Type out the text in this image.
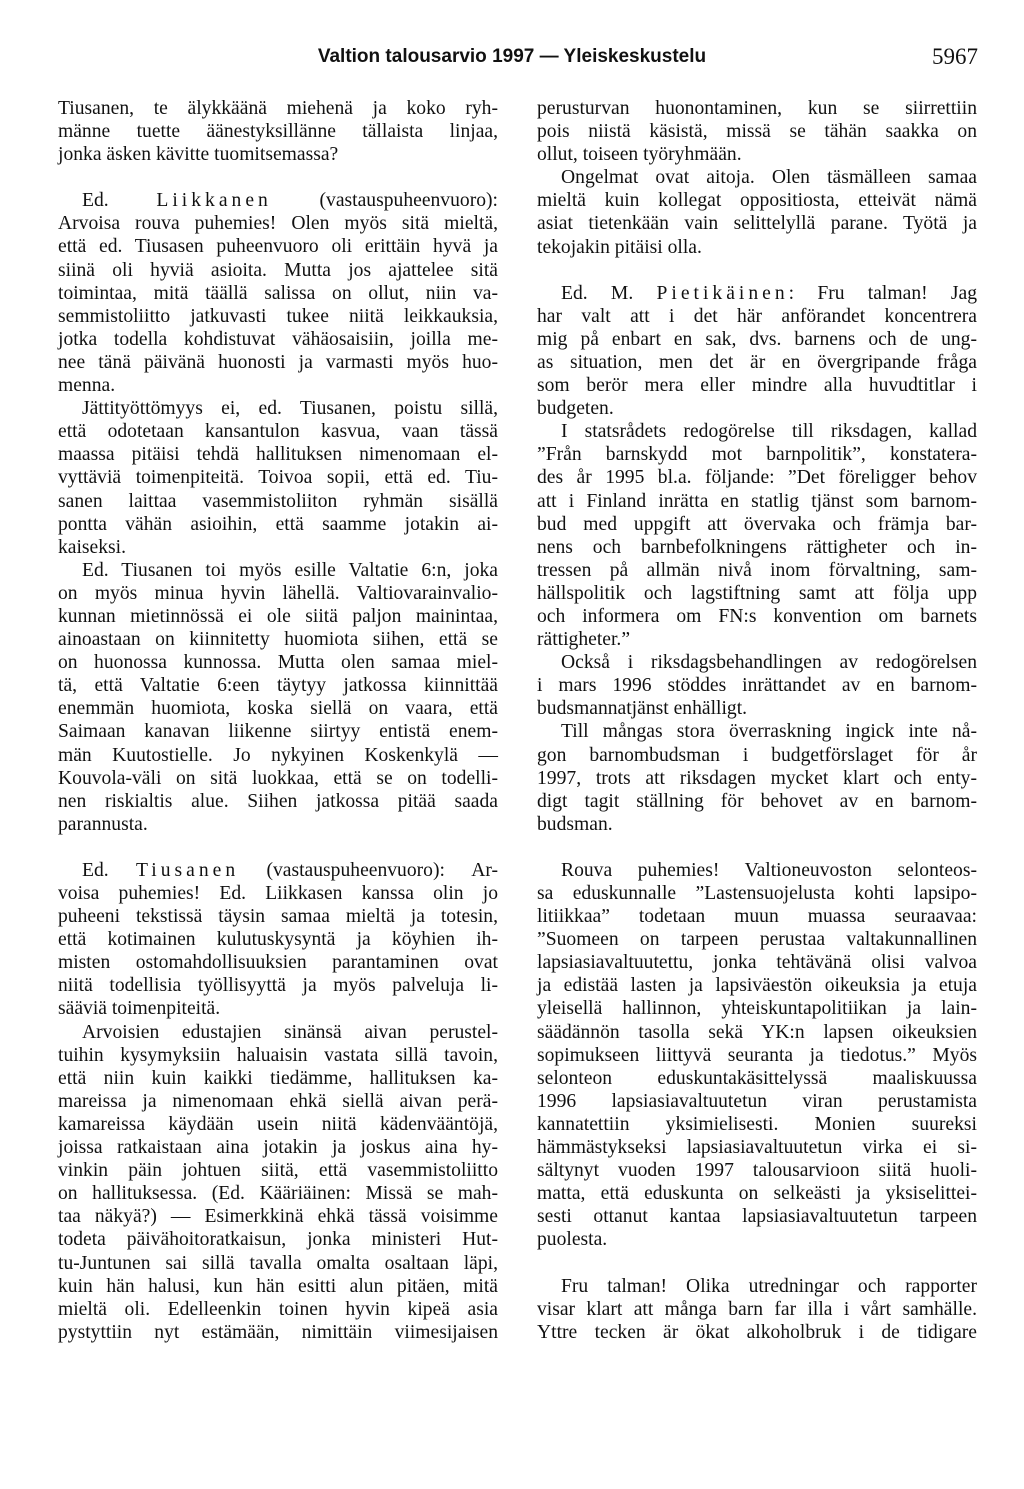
Valtion talousarvio 1997 — Yleiskeskustelu	5967

Tiusanen, te älykkäänä miehenä ja koko ryh-

männe tuette äänestyksillänne tällaista linjaa,

jonka äsken kävitte tuomitsemassa?

Ed. Liikkanen (vastauspuheenvuoro):

Arvoisa rouva puhemies! Olen myös sitä mieltä,

että ed. Tiusasen puheenvuoro oli erittäin hyvä ja

siinä oli hyviä asioita. Mutta jos ajattelee sitä

toimintaa, mitä täällä salissa on ollut, niin va-

semmistoliitto jatkuvasti tukee niitä leikkauksia,

jotka todella kohdistuvat vähäosaisiin, joilla me-

nee tänä päivänä huonosti ja varmasti myös huo-

menna.

Jättityöttömyys ei, ed. Tiusanen, poistu sillä,

että odotetaan kansantulon kasvua, vaan tässä

maassa pitäisi tehdä hallituksen nimenomaan el-

vyttäviä toimenpiteitä. Toivoa sopii, että ed. Tiu-

sanen laittaa vasemmistoliiton ryhmän sisällä

pontta vähän asioihin, että saamme jotakin ai-

kaiseksi.

Ed. Tiusanen toi myös esille Valtatie 6:n, joka

on myös minua hyvin lähellä. Valtiovarainvalio-

kunnan mietinnössä ei ole siitä paljon mainintaa,

ainoastaan on kiinnitetty huomiota siihen, että se

on huonossa kunnossa. Mutta olen samaa miel-

tä, että Valtatie 6:een täytyy jatkossa kiinnittää

enemmän huomiota, koska siellä on vaara, että

Saimaan kanavan liikenne siirtyy entistä enem-

män Kuutostielle. Jo nykyinen Koskenkylä —

Kouvola-väli on sitä luokkaa, että se on todelli-

nen riskialtis alue. Siihen jatkossa pitää saada

parannusta.

Ed. Tiusanen (vastauspuheenvuoro): Ar-

voisa puhemies! Ed. Liikkasen kanssa olin jo

puheeni tekstissä täysin samaa mieltä ja totesin,

että kotimainen kulutuskysyntä ja köyhien ih-

misten ostomahdollisuuksien parantaminen ovat

niitä todellisia työllisyyttä ja myös palveluja li-

sääviä toimenpiteitä.

Arvoisien edustajien sinänsä aivan perustel-

tuihin kysymyksiin haluaisin vastata sillä tavoin,

että niin kuin kaikki tiedämme, hallituksen ka-

mareissa ja nimenomaan ehkä siellä aivan perä-

kamareissa käydään usein niitä kädenvääntöjä,

joissa ratkaistaan aina jotakin ja joskus aina hy-

vinkin päin johtuen siitä, että vasemmistoliitto

on hallituksessa. (Ed. Kääriäinen: Missä se mah-

taa näkyä?) — Esimerkkinä ehkä tässä voisimme

todeta päivähoitoratkaisun, jonka ministeri Hut-

tu-Juntunen sai sillä tavalla omalta osaltaan läpi,

kuin hän halusi, kun hän esitti alun pitäen, mitä

mieltä oli. Edelleenkin toinen hyvin kipeä asia

pystyttiin nyt estämään, nimittäin viimesijaisen

perusturvan huonontaminen, kun se siirrettiin

pois niistä käsistä, missä se tähän saakka on

ollut, toiseen työryhmään.

Ongelmat ovat aitoja. Olen täsmälleen samaa

mieltä kuin kollegat oppositiosta, etteivät nämä

asiat tietenkään vain selittelyllä parane. Työtä ja

tekojakin pitäisi olla.

Ed. M. Pietikäinen: Fru talman! Jag

har valt att i det här anförandet koncentrera

mig på enbart en sak, dvs. barnens och de ung-

as situation, men det är en övergripande fråga

som berör mera eller mindre alla huvudtitlar i

budgeten.

I statsrådets redogörelse till riksdagen, kallad

”Från barnskydd mot barnpolitik”, konstatera-

des år 1995 bl.a. följande: ”Det föreligger behov

att i Finland inrätta en statlig tjänst som barnom-

bud med uppgift att övervaka och främja bar-

nens och barnbefolkningens rättigheter och in-

tressen på allmän nivå inom förvaltning, sam-

hällspolitik och lagstiftning samt att följa upp

och informera om FN:s konvention om barnets

rättigheter.”

Också i riksdagsbehandlingen av redogörelsen

i mars 1996 stöddes inrättandet av en barnom-

budsmannatjänst enhälligt.

Till mångas stora överraskning ingick inte nå-

gon barnombudsman i budgetförslaget för år

1997, trots att riksdagen mycket klart och enty-

digt tagit ställning för behovet av en barnom-

budsman.

Rouva puhemies! Valtioneuvoston selonteos-

sa eduskunnalle ”Lastensuojelusta kohti lapsipo-

litiikkaa” todetaan muun muassa seuraavaa:

”Suomeen on tarpeen perustaa valtakunnallinen

lapsiasiavaltuutettu, jonka tehtävänä olisi valvoa

ja edistää lasten ja lapsiväestön oikeuksia ja etuja

yleisellä hallinnon, yhteiskuntapolitiikan ja lain-

säädännön tasolla sekä YK:n lapsen oikeuksien

sopimukseen liittyvä seuranta ja tiedotus.” Myös

selonteon eduskuntakäsittelyssä maaliskuussa

1996 lapsiasiavaltuutetun viran perustamista

kannatettiin yksimielisesti. Monien suureksi

hämmästykseksi lapsiasiavaltuutetun virka ei si-

sältynyt vuoden 1997 talousarvioon siitä huoli-

matta, että eduskunta on selkeästi ja yksiselittei-

sesti ottanut kantaa lapsiasiavaltuutetun tarpeen

puolesta.

Fru talman! Olika utredningar och rapporter

visar klart att många barn far illa i vårt samhälle.

Yttre tecken är ökat alkoholbruk i de tidigare
